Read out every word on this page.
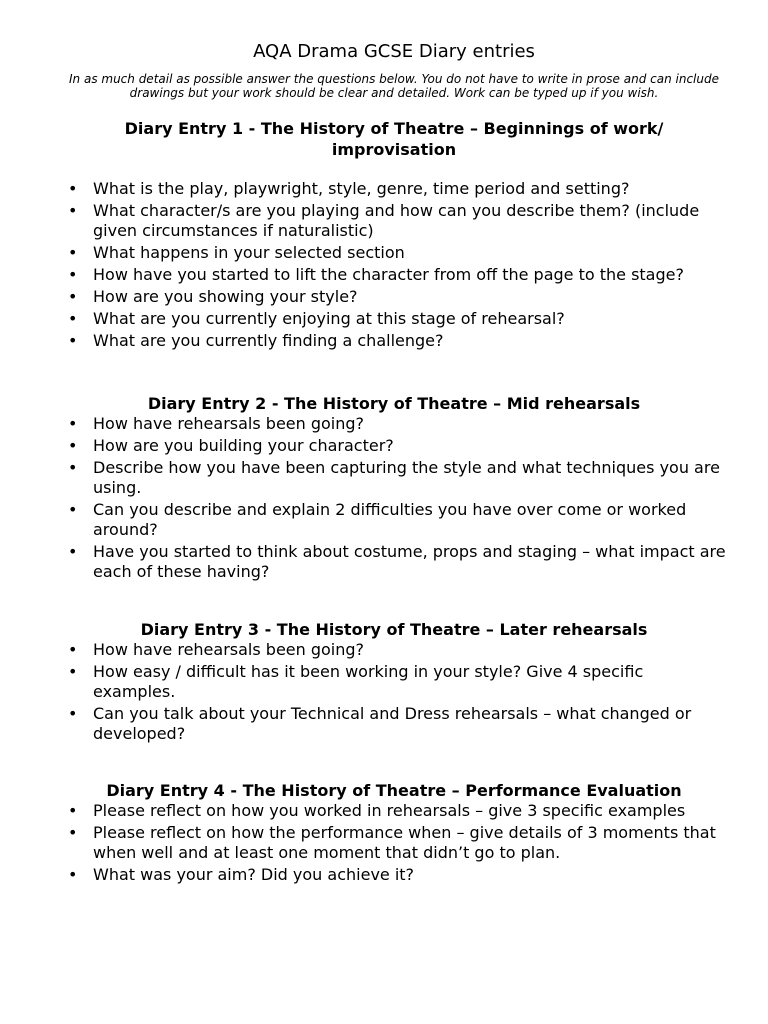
AQA Drama GCSE Diary entries

In as much detail as possible answer the questions below. You do not have to write in prose and can include drawings but your work should be clear and detailed. Work can be typed up if you wish.

Diary Entry 1 - The History of Theatre – Beginnings of work/ improvisation
• What is the play, playwright, style, genre, time period and setting?
• What character/s are you playing and how can you describe them? (include given circumstances if naturalistic)
• What happens in your selected section
• How have you started to lift the character from off the page to the stage?
• How are you showing your style?
• What are you currently enjoying at this stage of rehearsal?
• What are you currently finding a challenge?
Diary Entry 2 - The History of Theatre – Mid rehearsals
• How have rehearsals been going?
• How are you building your character?
• Describe how you have been capturing the style and what techniques you are using.
• Can you describe and explain 2 difficulties you have over come or worked around?
• Have you started to think about costume, props and staging – what impact are each of these having?
Diary Entry 3 - The History of Theatre – Later rehearsals
• How have rehearsals been going?
• How easy / difficult has it been working in your style? Give 4 specific examples.
• Can you talk about your Technical and Dress rehearsals – what changed or developed?
Diary Entry 4 - The History of Theatre – Performance Evaluation
• Please reflect on how you worked in rehearsals – give 3 specific examples
• Please reflect on how the performance when – give details of 3 moments that when well and at least one moment that didn’t go to plan.
• What was your aim? Did you achieve it?
